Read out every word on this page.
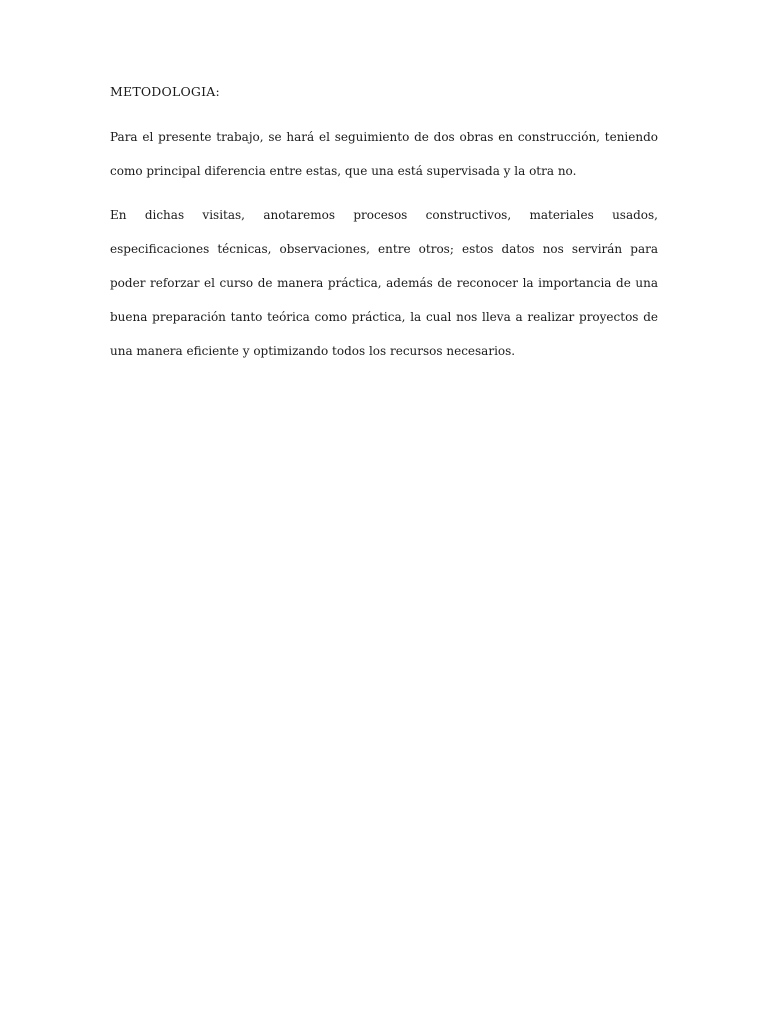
METODOLOGIA:

Para el presente trabajo, se hará el seguimiento de dos obras en construcción, teniendo como principal diferencia entre estas, que una está supervisada y la otra no.

En dichas visitas, anotaremos procesos constructivos, materiales usados, especificaciones técnicas, observaciones, entre otros; estos datos nos servirán para poder reforzar el curso de manera práctica, además de reconocer la importancia de una buena preparación tanto teórica como práctica, la cual nos lleva a realizar proyectos de una manera eficiente y optimizando todos los recursos necesarios.
